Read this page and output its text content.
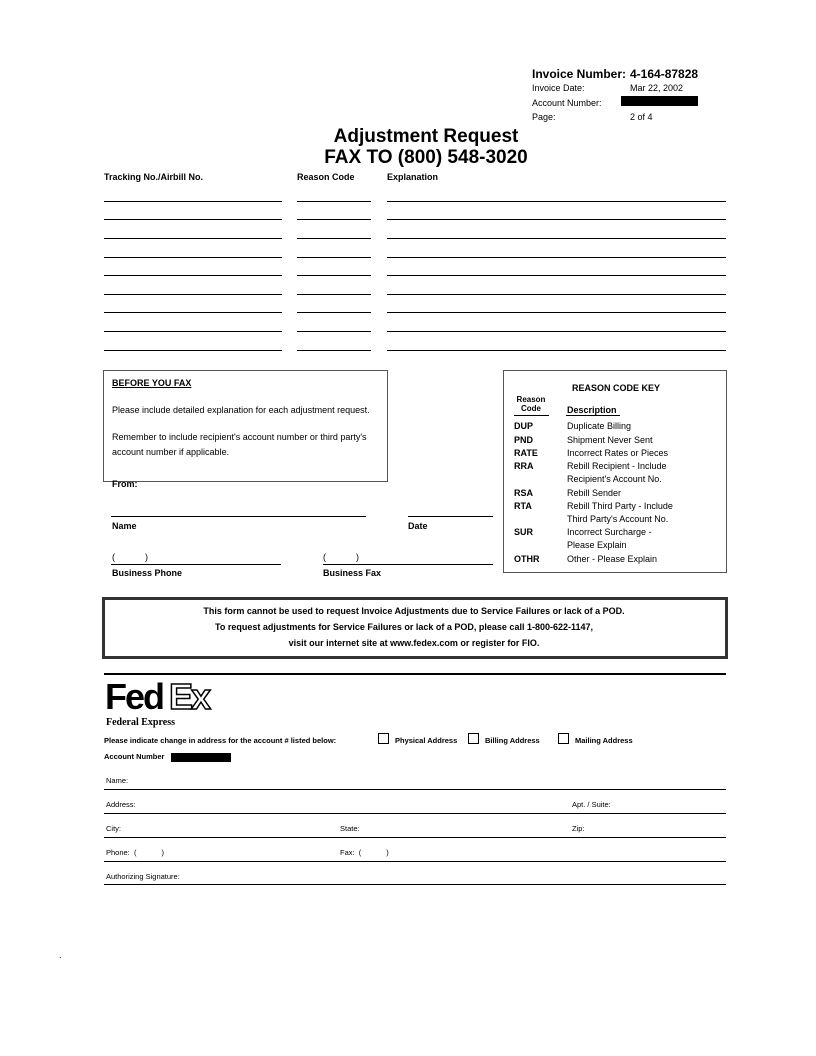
Invoice Number: 4-164-87828
Invoice Date:	Mar 22, 2002
Account Number:
Page:	2 of 4
Adjustment Request
FAX TO (800) 548-3020
Tracking No./Airbill No.	Reason Code	Explanation
BEFORE YOU FAX
Please include detailed explanation for each adjustment request.
Remember to include recipient's account number or third party's
account number if applicable.
From:
Name	Date
(            )	(            )
Business Phone	Business Fax
REASON CODE KEY
Reason
Code	Description
DUP	Duplicate Billing
PND	Shipment Never Sent
RATE	Incorrect Rates or Pieces
RRA	Rebill Recipient - Include
Recipient's Account No.
RSA	Rebill Sender
RTA	Rebill Third Party - Include
Third Party's Account No.
SUR	Incorrect Surcharge -
Please Explain
OTHR	Other - Please Explain
This form cannot be used to request Invoice Adjustments due to Service Failures or lack of a POD.
To request adjustments for Service Failures or lack of a POD, please call 1-800-622-1147,
visit our internet site at www.fedex.com or register for FIO.
Fed Ex
Federal Express
Please indicate change in address for the account # listed below:	Physical Address	Billing Address	Mailing Address
Account Number
Name:
Address:	Apt. / Suite:
City:	State:	Zip:
Phone:  (            )	Fax:  (            )
Authorizing Signature:
.
